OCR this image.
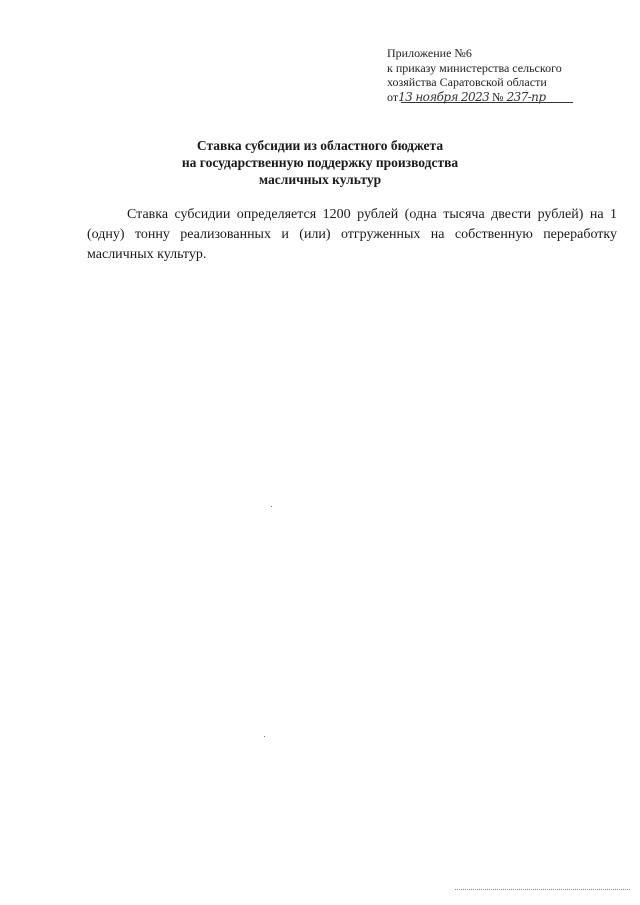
Приложение №6
к приказу министерства сельского
хозяйства Саратовской области
от13 ноября 2023 № 237-пр
Ставка субсидии из областного бюджета
на государственную поддержку производства
масличных культур

Ставка субсидии определяется 1200 рублей (одна тысяча двести рублей) на 1 (одну) тонну реализованных и (или) отгруженных на собственную переработку масличных культур.
